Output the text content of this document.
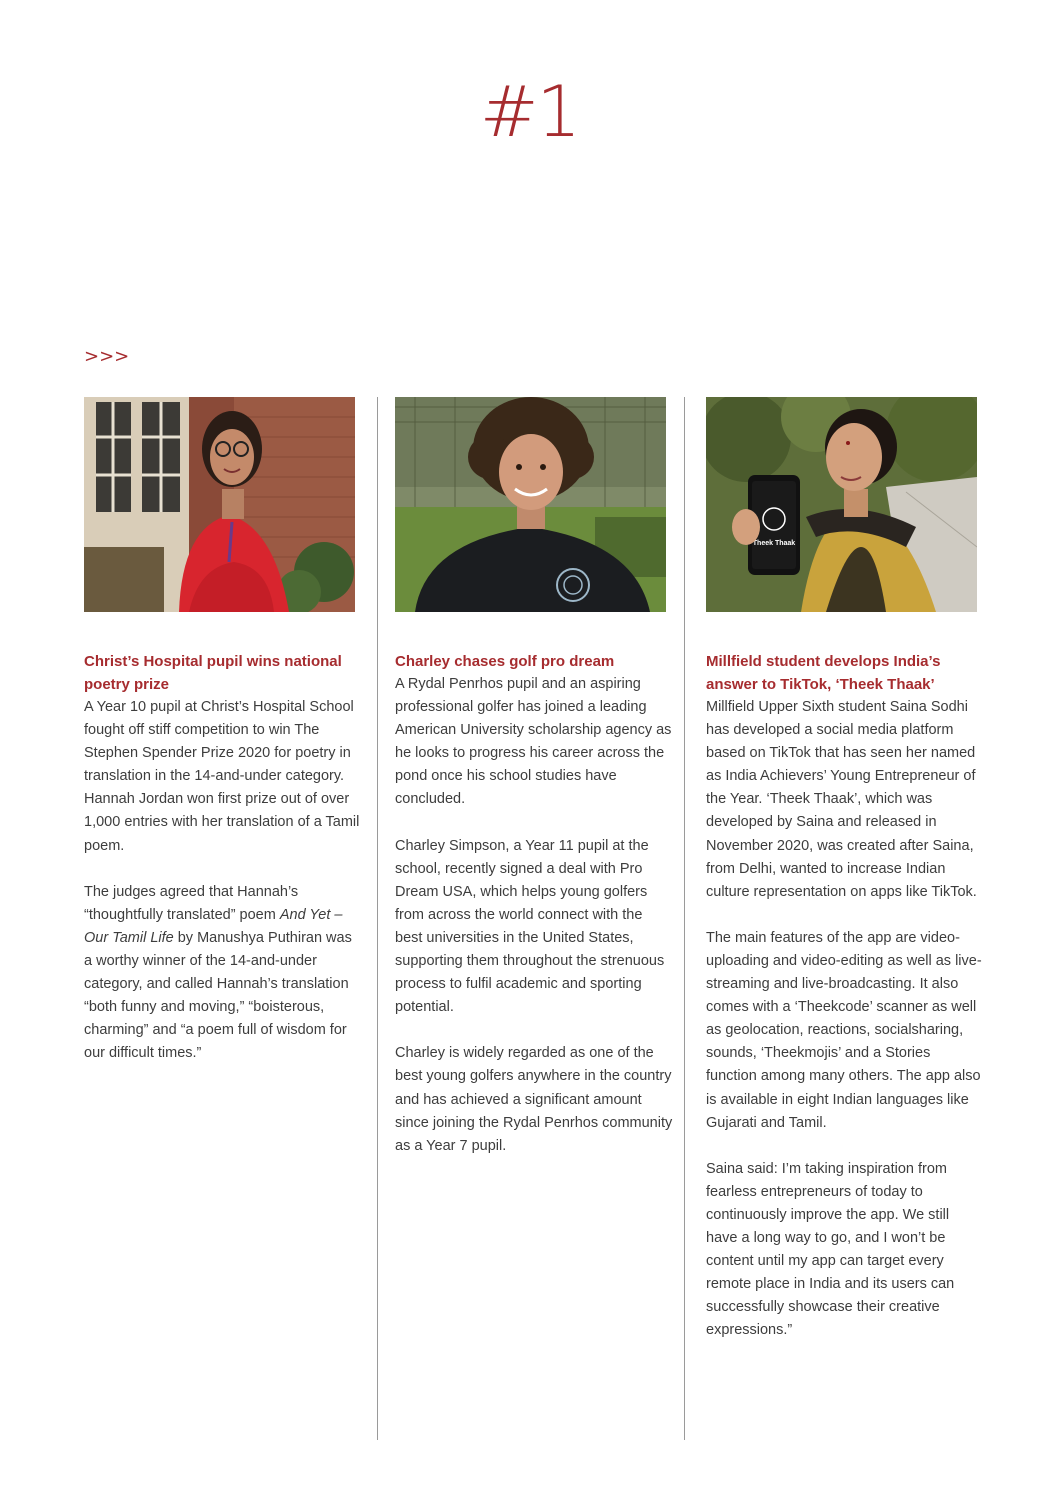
#1
>>>
Christ’s Hospital pupil wins national poetry prize

A Year 10 pupil at Christ’s Hospital School fought off stiff competition to win The Stephen Spender Prize 2020 for poetry in translation in the 14-and-under category. Hannah Jordan won first prize out of over 1,000 entries with her translation of a Tamil poem.

The judges agreed that Hannah’s “thoughtfully translated” poem And Yet – Our Tamil Life by Manushya Puthiran was a worthy winner of the 14-and-under category, and called Hannah’s translation “both funny and moving,” “boisterous, charming” and “a poem full of wisdom for our difficult times.”

Charley chases golf pro dream

A Rydal Penrhos pupil and an aspiring professional golfer has joined a leading American University scholarship agency as he looks to progress his career across the pond once his school studies have concluded.

Charley Simpson, a Year 11 pupil at the school, recently signed a deal with Pro Dream USA, which helps young golfers from across the world connect with the best universities in the United States, supporting them throughout the strenuous process to fulfil academic and sporting potential.

Charley is widely regarded as one of the best young golfers anywhere in the country and has achieved a significant amount since joining the Rydal Penrhos community as a Year 7 pupil.

Theek Thaak
Millfield student develops India’s answer to TikTok, ‘Theek Thaak’

Millfield Upper Sixth student Saina Sodhi has developed a social media platform based on TikTok that has seen her named as India Achievers’ Young Entrepreneur of the Year. ‘Theek Thaak’, which was developed by Saina and released in November 2020, was created after Saina, from Delhi, wanted to increase Indian culture representation on apps like TikTok.

The main features of the app are video-uploading and video-editing as well as live-streaming and live-broadcasting. It also comes with a ‘Theekcode’ scanner as well as geolocation, reactions, socialsharing, sounds, ‘Theekmojis’ and a Stories function among many others. The app also is available in eight Indian languages like Gujarati and Tamil.

Saina said: I’m taking inspiration from fearless entrepreneurs of today to continuously improve the app. We still have a long way to go, and I won’t be content until my app can target every remote place in India and its users can successfully showcase their creative expressions.”
